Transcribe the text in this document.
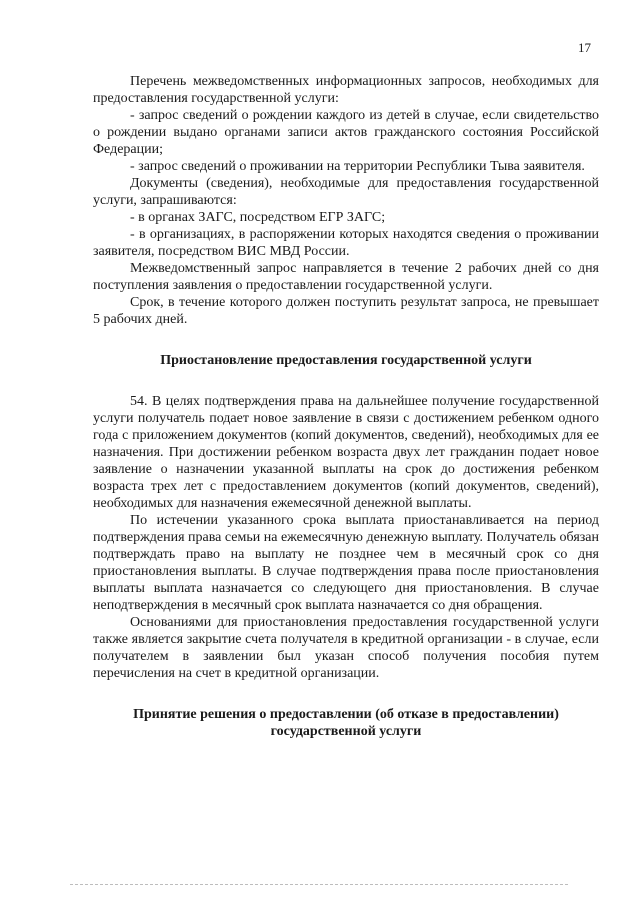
17

Перечень межведомственных информационных запросов, необходимых для предоставления государственной услуги:

- запрос сведений о рождении каждого из детей в случае, если свидетельство о рождении выдано органами записи актов гражданского состояния Российской Федерации;

- запрос сведений о проживании на территории Республики Тыва заявителя.

Документы (сведения), необходимые для предоставления государственной услуги, запрашиваются:

- в органах ЗАГС, посредством ЕГР ЗАГС;

- в организациях, в распоряжении которых находятся сведения о проживании заявителя, посредством ВИС МВД России.

Межведомственный запрос направляется в течение 2 рабочих дней со дня поступления заявления о предоставлении государственной услуги.

Срок, в течение которого должен поступить результат запроса, не превышает 5 рабочих дней.

Приостановление предоставления государственной услуги

54. В целях подтверждения права на дальнейшее получение государственной услуги получатель подает новое заявление в связи с достижением ребенком одного года с приложением документов (копий документов, сведений), необходимых для ее назначения. При достижении ребенком возраста двух лет гражданин подает новое заявление о назначении указанной выплаты на срок до достижения ребенком возраста трех лет с предоставлением документов (копий документов, сведений), необходимых для назначения ежемесячной денежной выплаты.

По истечении указанного срока выплата приостанавливается на период подтверждения права семьи на ежемесячную денежную выплату. Получатель обязан подтверждать право на выплату не позднее чем в месячный срок со дня приостановления выплаты. В случае подтверждения права после приостановления выплаты выплата назначается со следующего дня приостановления. В случае неподтверждения в месячный срок выплата назначается со дня обращения.

Основаниями для приостановления предоставления государственной услуги также является закрытие счета получателя в кредитной организации - в случае, если получателем в заявлении был указан способ получения пособия путем перечисления на счет в кредитной организации.

Принятие решения о предоставлении (об отказе в предоставлении)
государственной услуги
